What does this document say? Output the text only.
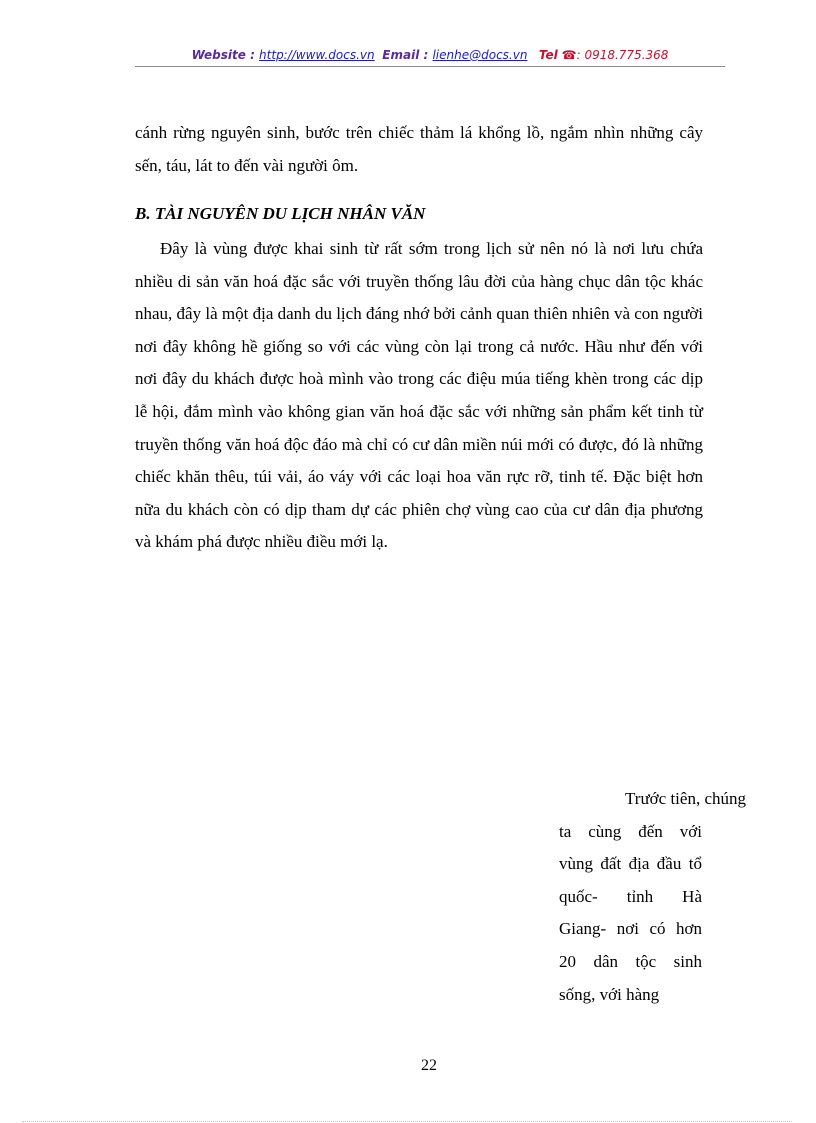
Website : http://www.docs.vn Email : lienhe@docs.vn Tel ☎: 0918.775.368

cánh rừng nguyên sinh, bước trên chiếc thảm lá khổng lồ, ngắm nhìn những cây sến, táu, lát to đến vài người ôm.

B. TÀI NGUYÊN DU LỊCH NHÂN VĂN

Đây là vùng được khai sinh từ rất sớm trong lịch sử nên nó là nơi lưu chứa nhiều di sản văn hoá đặc sắc với truyền thống lâu đời của hàng chục dân tộc khác nhau, đây là một địa danh du lịch đáng nhớ bởi cảnh quan thiên nhiên và con người nơi đây không hề giống so với các vùng còn lại trong cả nước. Hầu như đến với nơi đây du khách được hoà mình vào trong các điệu múa tiếng khèn trong các dịp lễ hội, đắm mình vào không gian văn hoá đặc sắc với những sản phẩm kết tinh từ truyền thống văn hoá độc đáo mà chỉ có cư dân miền núi mới có được, đó là những chiếc khăn thêu, túi vải, áo váy với các loại hoa văn rực rỡ, tinh tế. Đặc biệt hơn nữa du khách còn có dịp tham dự các phiên chợ vùng cao của cư dân địa phương và khám phá được nhiều điều mới lạ.

Trước tiên, chúng
ta cùng đến với vùng đất địa đầu tổ quốc- tỉnh Hà Giang- nơi có hơn 20 dân tộc sinh sống, với hàng

22
